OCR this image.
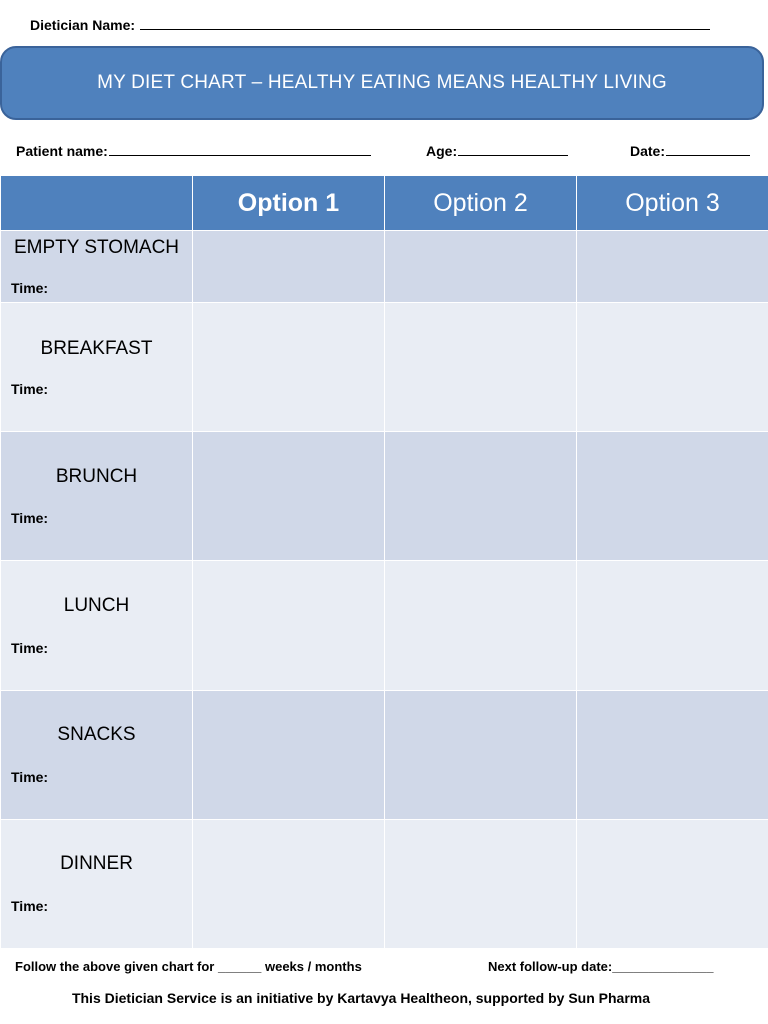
Dietician Name:
MY DIET CHART – HEALTHY EATING MEANS HEALTHY LIVING
Patient name:	Age:	Date:
	Option 1	Option 2	Option 3

EMPTY STOMACH
Time:			

BREAKFAST
Time:			

BRUNCH
Time:			

LUNCH
Time:			

SNACKS
Time:			

DINNER
Time:			

Follow the above given chart for ______ weeks / months	Next follow-up date:______________
This Dietician Service is an initiative by Kartavya Healtheon, supported by Sun Pharma
